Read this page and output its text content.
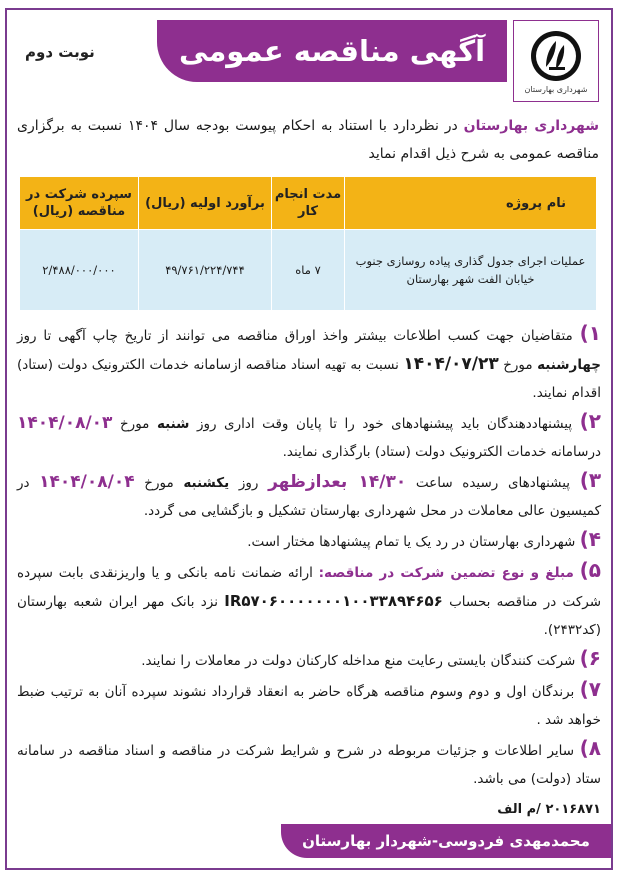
شهرداری بهارستان
آگهی مناقصه عمومی
نوبت دوم
شهرداری بهارستان در نظردارد با استناد به احکام پیوست بودجه سال ۱۴۰۴ نسبت به برگزاری مناقصه عمومی به شرح ذیل اقدام نماید
نام پروژه	مدت انجام کار	برآورد اولیه (ریال)	سپرده شرکت در مناقصه (ریال)
عملیات اجرای جدول گذاری پیاده روسازی جنوب خیابان الفت شهر بهارستان	۷ ماه	۴۹/۷۶۱/۲۲۴/۷۴۴	۲/۴۸۸/۰۰۰/۰۰۰

۱) متقاضیان جهت کسب اطلاعات بیشتر واخذ اوراق مناقصه می توانند از تاریخ چاپ آگهی تا روز چهارشنبه مورخ ۱۴۰۴/۰۷/۲۳ نسبت به تهیه اسناد مناقصه ازسامانه خدمات الکترونیک دولت (ستاد) اقدام نمایند.

۲) پیشنهاددهندگان باید پیشنهادهای خود را تا پایان وقت اداری روز شنبه مورخ ۱۴۰۴/۰۸/۰۳ درسامانه خدمات الکترونیک دولت (ستاد) بارگذاری نمایند.

۳) پیشنهادهای رسیده ساعت ۱۴/۳۰ بعدازظهر روز یکشنبه مورخ ۱۴۰۴/۰۸/۰۴ در کمیسیون عالی معاملات در محل شهرداری بهارستان تشکیل و بازگشایی می گردد.

۴) شهرداری بهارستان در رد یک یا تمام پیشنهادها مختار است.

۵) مبلغ و نوع تضمین شرکت در مناقصه: ارائه ضمانت نامه بانکی و یا واریزنقدی بابت سپرده شرکت در مناقصه بحساب IR۵۷۰۶۰۰۰۰۰۰۰۱۰۰۳۳۸۹۴۶۵۶ نزد بانک مهر ایران شعبه بهارستان (کد۲۴۳۲).

۶) شرکت کنندگان بایستی رعایت منع مداخله کارکنان دولت در معاملات را نمایند.

۷) برندگان اول و دوم وسوم مناقصه هرگاه حاضر به انعقاد قرارداد نشوند سپرده آنان به ترتیب ضبط خواهد شد .

۸) سایر اطلاعات و جزئیات مربوطه در شرح و شرایط شرکت در مناقصه و اسناد مناقصه در سامانه ستاد (دولت) می باشد.

۲۰۱۶۸۷۱ /م الف
محمدمهدی فردوسی-شهردار بهارستان
